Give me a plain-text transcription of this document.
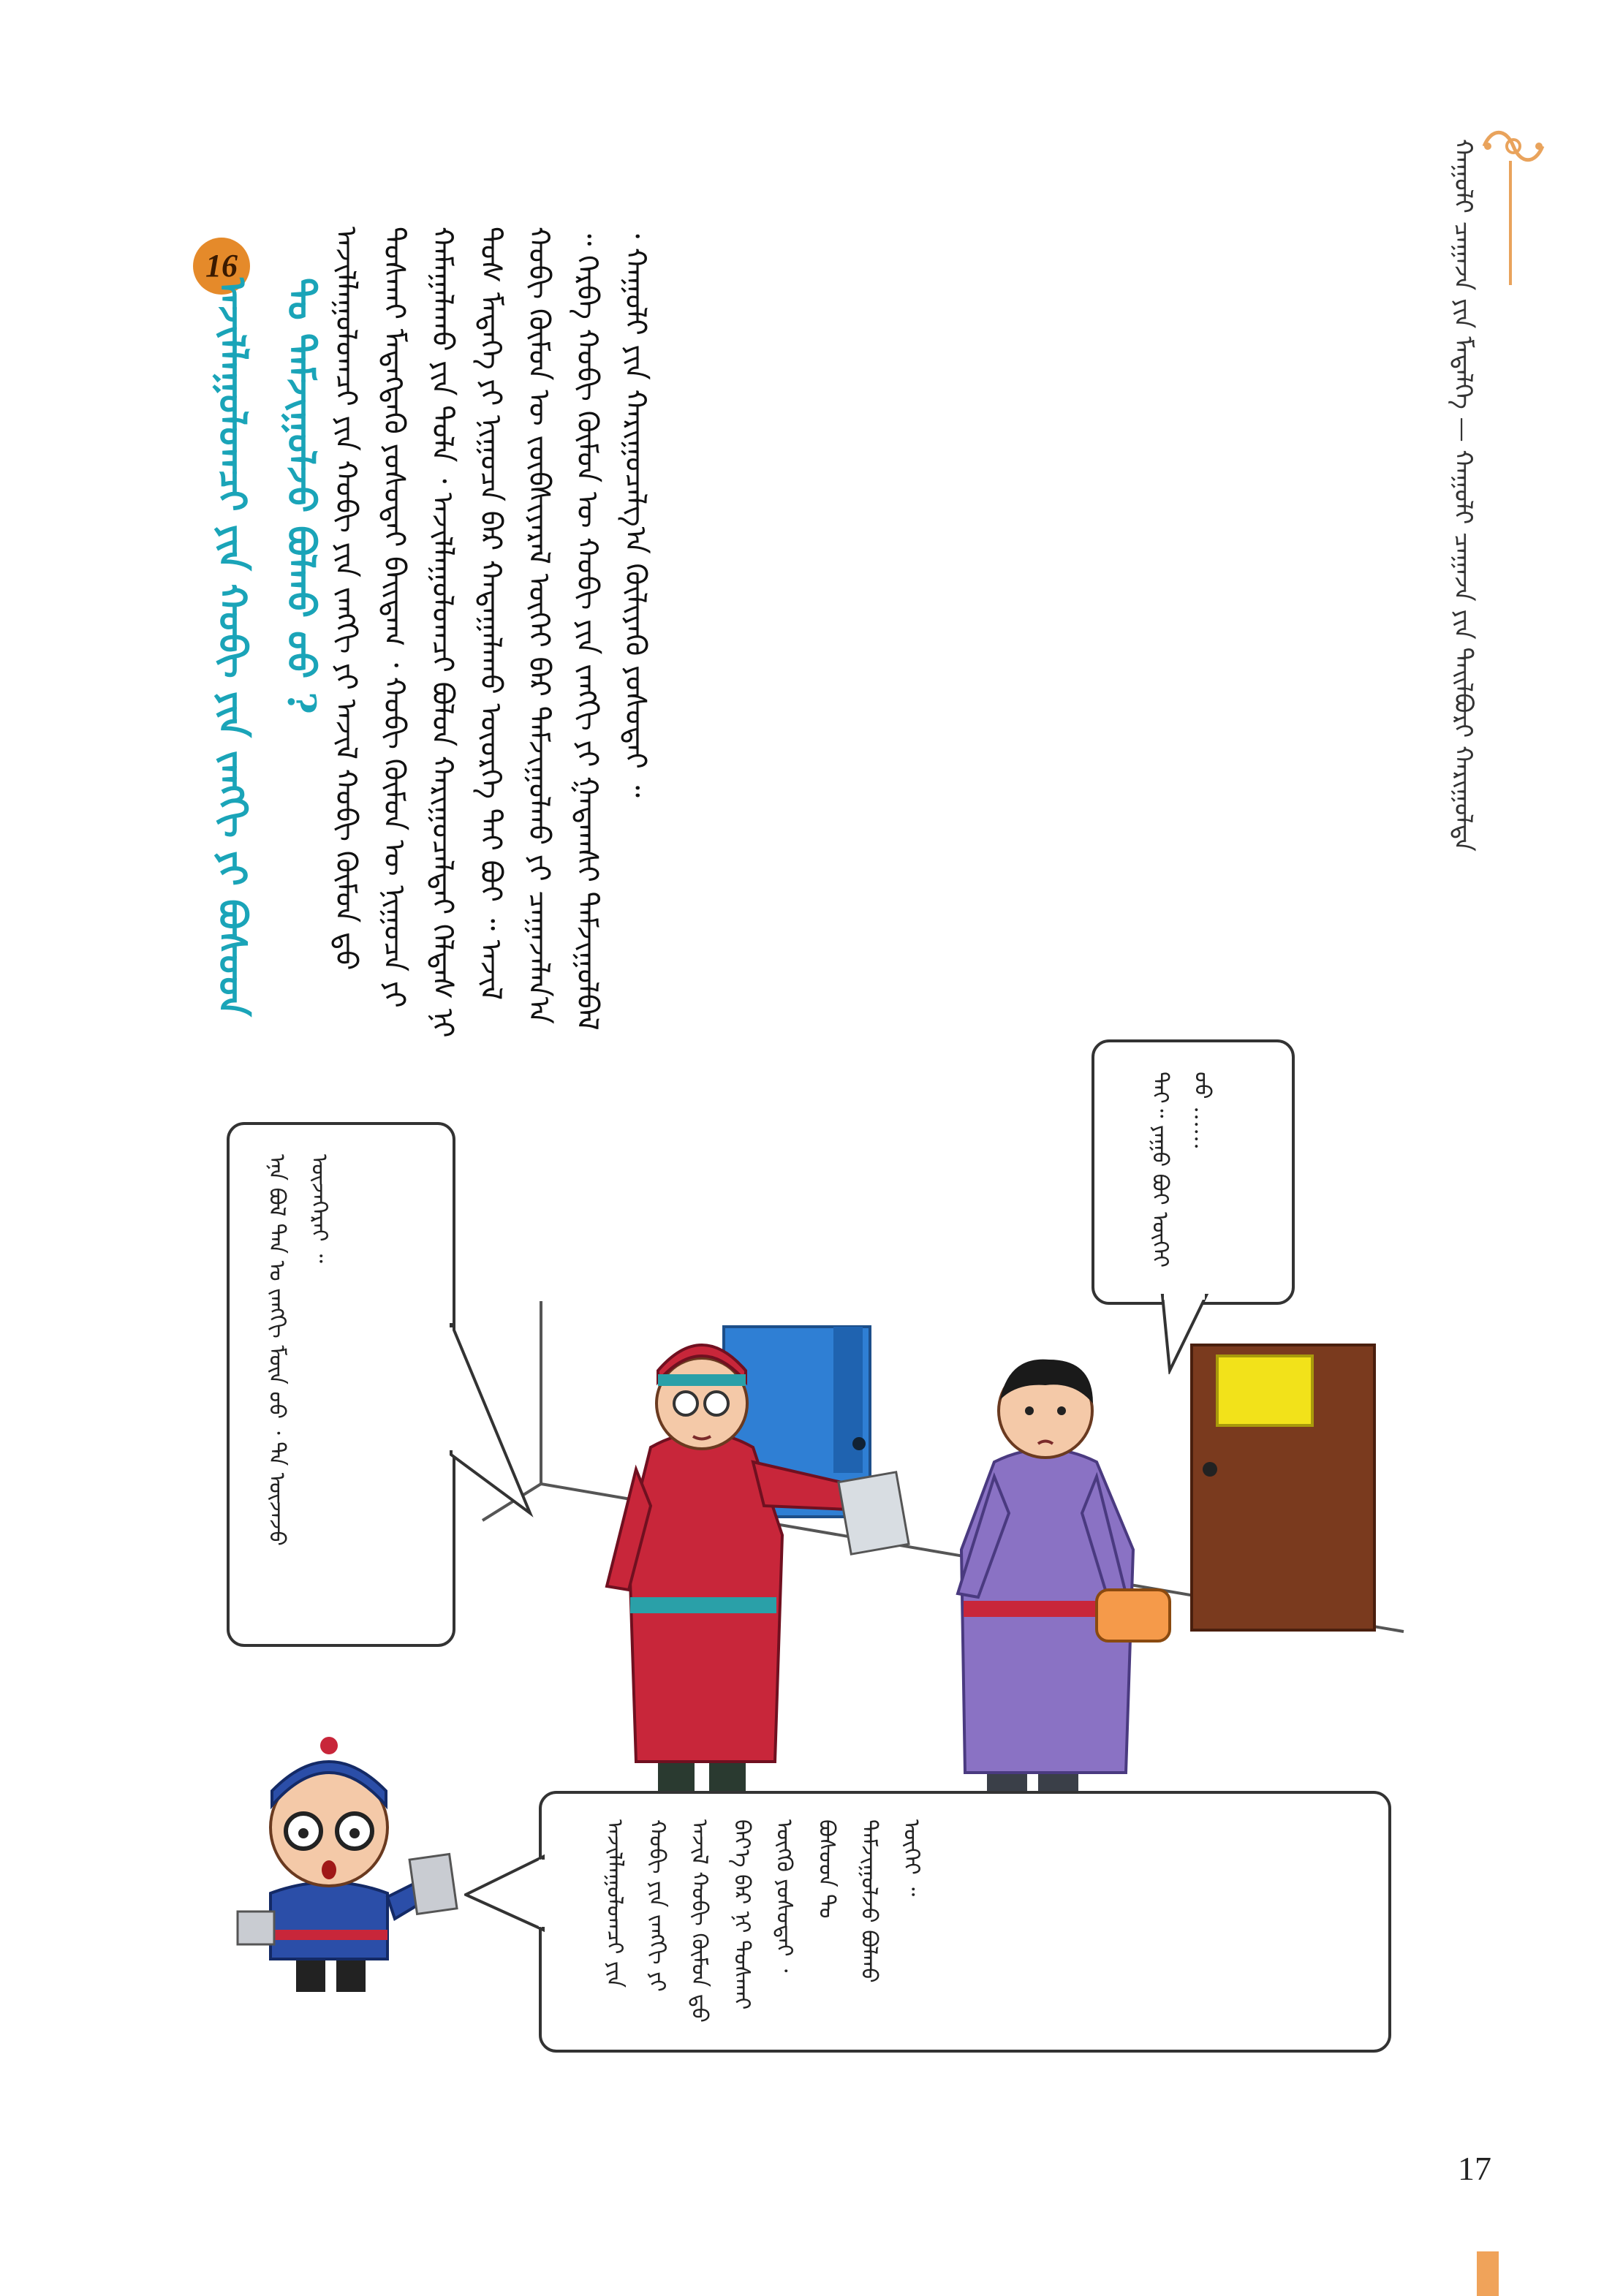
ᠬᠠᠭᠤᠯᠢ ᠴᠠᠭᠠᠵᠠ ᠶᠢᠨ ᠮᠡᠳᠡᠯᠭᠡ — ᠬᠠᠭᠤᠯᠢ ᠴᠠᠭᠠᠵᠠ ᠶᠢᠨ ᠲᠠᠢᠯᠪᠤᠷᠢ ᠬᠠᠷᠢᠭᠤᠯᠲᠠ
17
ᠠᠵᠢᠯᠯᠠᠭᠤᠯᠤᠭᠴᠢ ᠶᠢᠨ ᠬᠤᠪᠢ ᠶᠢᠨ ᠵᠠᠩᠭᠢ ᠶᠢ ᠠᠵᠢᠯ ᠬᠤᠪᠢ ᠬᠦᠮᠦᠨ ᠳ᠋ᠦ ᠲᠤᠰᠬᠠᠢ ᠮᠡᠳᠡᠭᠳᠡᠬᠦ ᠶᠤᠰᠤᠲᠠᠢ ᠪᠠᠢᠳᠠᠭ ᠂ ᠬᠤᠪᠢ ᠬᠦᠮᠦᠨ ᠦ ᠨᠢᠭᠤᠴᠠ ᠶᠢ ᠬᠠᠮᠠᠭᠠᠯᠠᠬᠤ ᠶᠢᠨ ᠲᠤᠯᠠ ᠂ ᠠᠵᠢᠯᠯᠠᠭᠤᠯᠤᠭᠴᠢ ᠪᠤᠯᠤᠨ ᠬᠠᠷᠢᠭᠤᠴᠠᠯᠲᠠᠢ ᠬᠡᠯᠲᠡᠰ ᠨᠢ ᠲᠤᠰ ᠮᠡᠳᠡᠭᠡ ᠶᠢ ᠨᠢᠭᠤᠴᠠ ᠪᠠᠷ ᠬᠠᠳᠠᠭᠠᠯᠠᠬᠤ ᠦᠦᠷᠭᠡ ᠲᠠᠢ ᠪᠤᠢ ᠃ ᠠᠵᠢᠯ ᠬᠤᠪᠢ ᠬᠦᠮᠦᠨ ᠦ ᠵᠦᠪᠰᠢᠶᠡᠷᠡᠯ ᠦᠭᠡᠢ ᠪᠡᠷ ᠳᠠᠮᠵᠢᠭᠤᠯᠬᠤ ᠶᠢ ᠴᠠᠭᠠᠵᠠᠯᠠᠨ᠎ᠠ ᠃ ᠬᠡᠷᠪᠡ ᠬᠤᠪᠢ ᠬᠦᠮᠦᠨ ᠦ ᠬᠤᠪᠢ ᠶᠢᠨ ᠵᠠᠩᠭᠢ ᠶᠢ ᠭᠠᠳᠠᠭᠰᠢ ᠳᠠᠮᠵᠢᠭᠤᠯᠪᠠᠯ ᠂ ᠬᠠᠭᠤᠯᠢ ᠶᠢᠨ ᠬᠠᠷᠢᠭᠤᠴᠠᠯᠭ᠎ᠠ ᠬᠦᠯᠢᠶᠡᠬᠦ ᠶᠤᠰᠤᠲᠠᠢ ᠃
16
ᠠᠵᠢᠯᠯᠠᠭᠤᠯᠤᠭᠴᠢ ᠶᠢᠨ ᠬᠤᠪᠢ ᠶᠢᠨ ᠵᠠᠩᠭᠢ ᠶᠢ ᠪᠤᠰᠤᠳ ᠲᠤ ᠳᠠᠮᠵᠢᠭᠤᠯᠵᠤ ᠪᠤᠯᠬᠤ ᠤᠤ ?
ᠡᠨᠡ ᠪᠤᠯ ᠲᠠᠨ ᠤ ᠵᠠᠩᠭᠢ ᠮᠦᠨ ᠦᠦ ᠂ ᠲᠠ ᠦᠵᠡᠵᠦ ᠦᠵᠡᠭᠡᠷᠡᠢ ᠃	ᠲᠡᠢ᠃ ᠶᠠᠭᠤ ᠪᠤᠢ ᠦᠭᠡᠢ ᠤᠤ ……
ᠠᠵᠢᠯᠯᠠᠭᠤᠯᠤᠭᠴᠢ ᠶᠢᠨ ᠬᠤᠪᠢ ᠶᠢᠨ ᠵᠠᠩᠭᠢ ᠶᠢ ᠠᠵᠢᠯ ᠬᠤᠪᠢ ᠬᠦᠮᠦᠨ ᠳ᠋ᠦ ᠪᠡᠶ᠎ᠡ ᠪᠡᠷ ᠨᠢ ᠲᠤᠰᠬᠠᠢ ᠦᠭᠬᠦ ᠶᠤᠰᠤᠲᠠᠢ ᠂ ᠪᠤᠰᠤᠳ ᠲᠤ ᠳᠠᠮᠵᠢᠭᠤᠯᠵᠤ ᠪᠤᠯᠬᠤ ᠦᠭᠡᠢ ᠃
